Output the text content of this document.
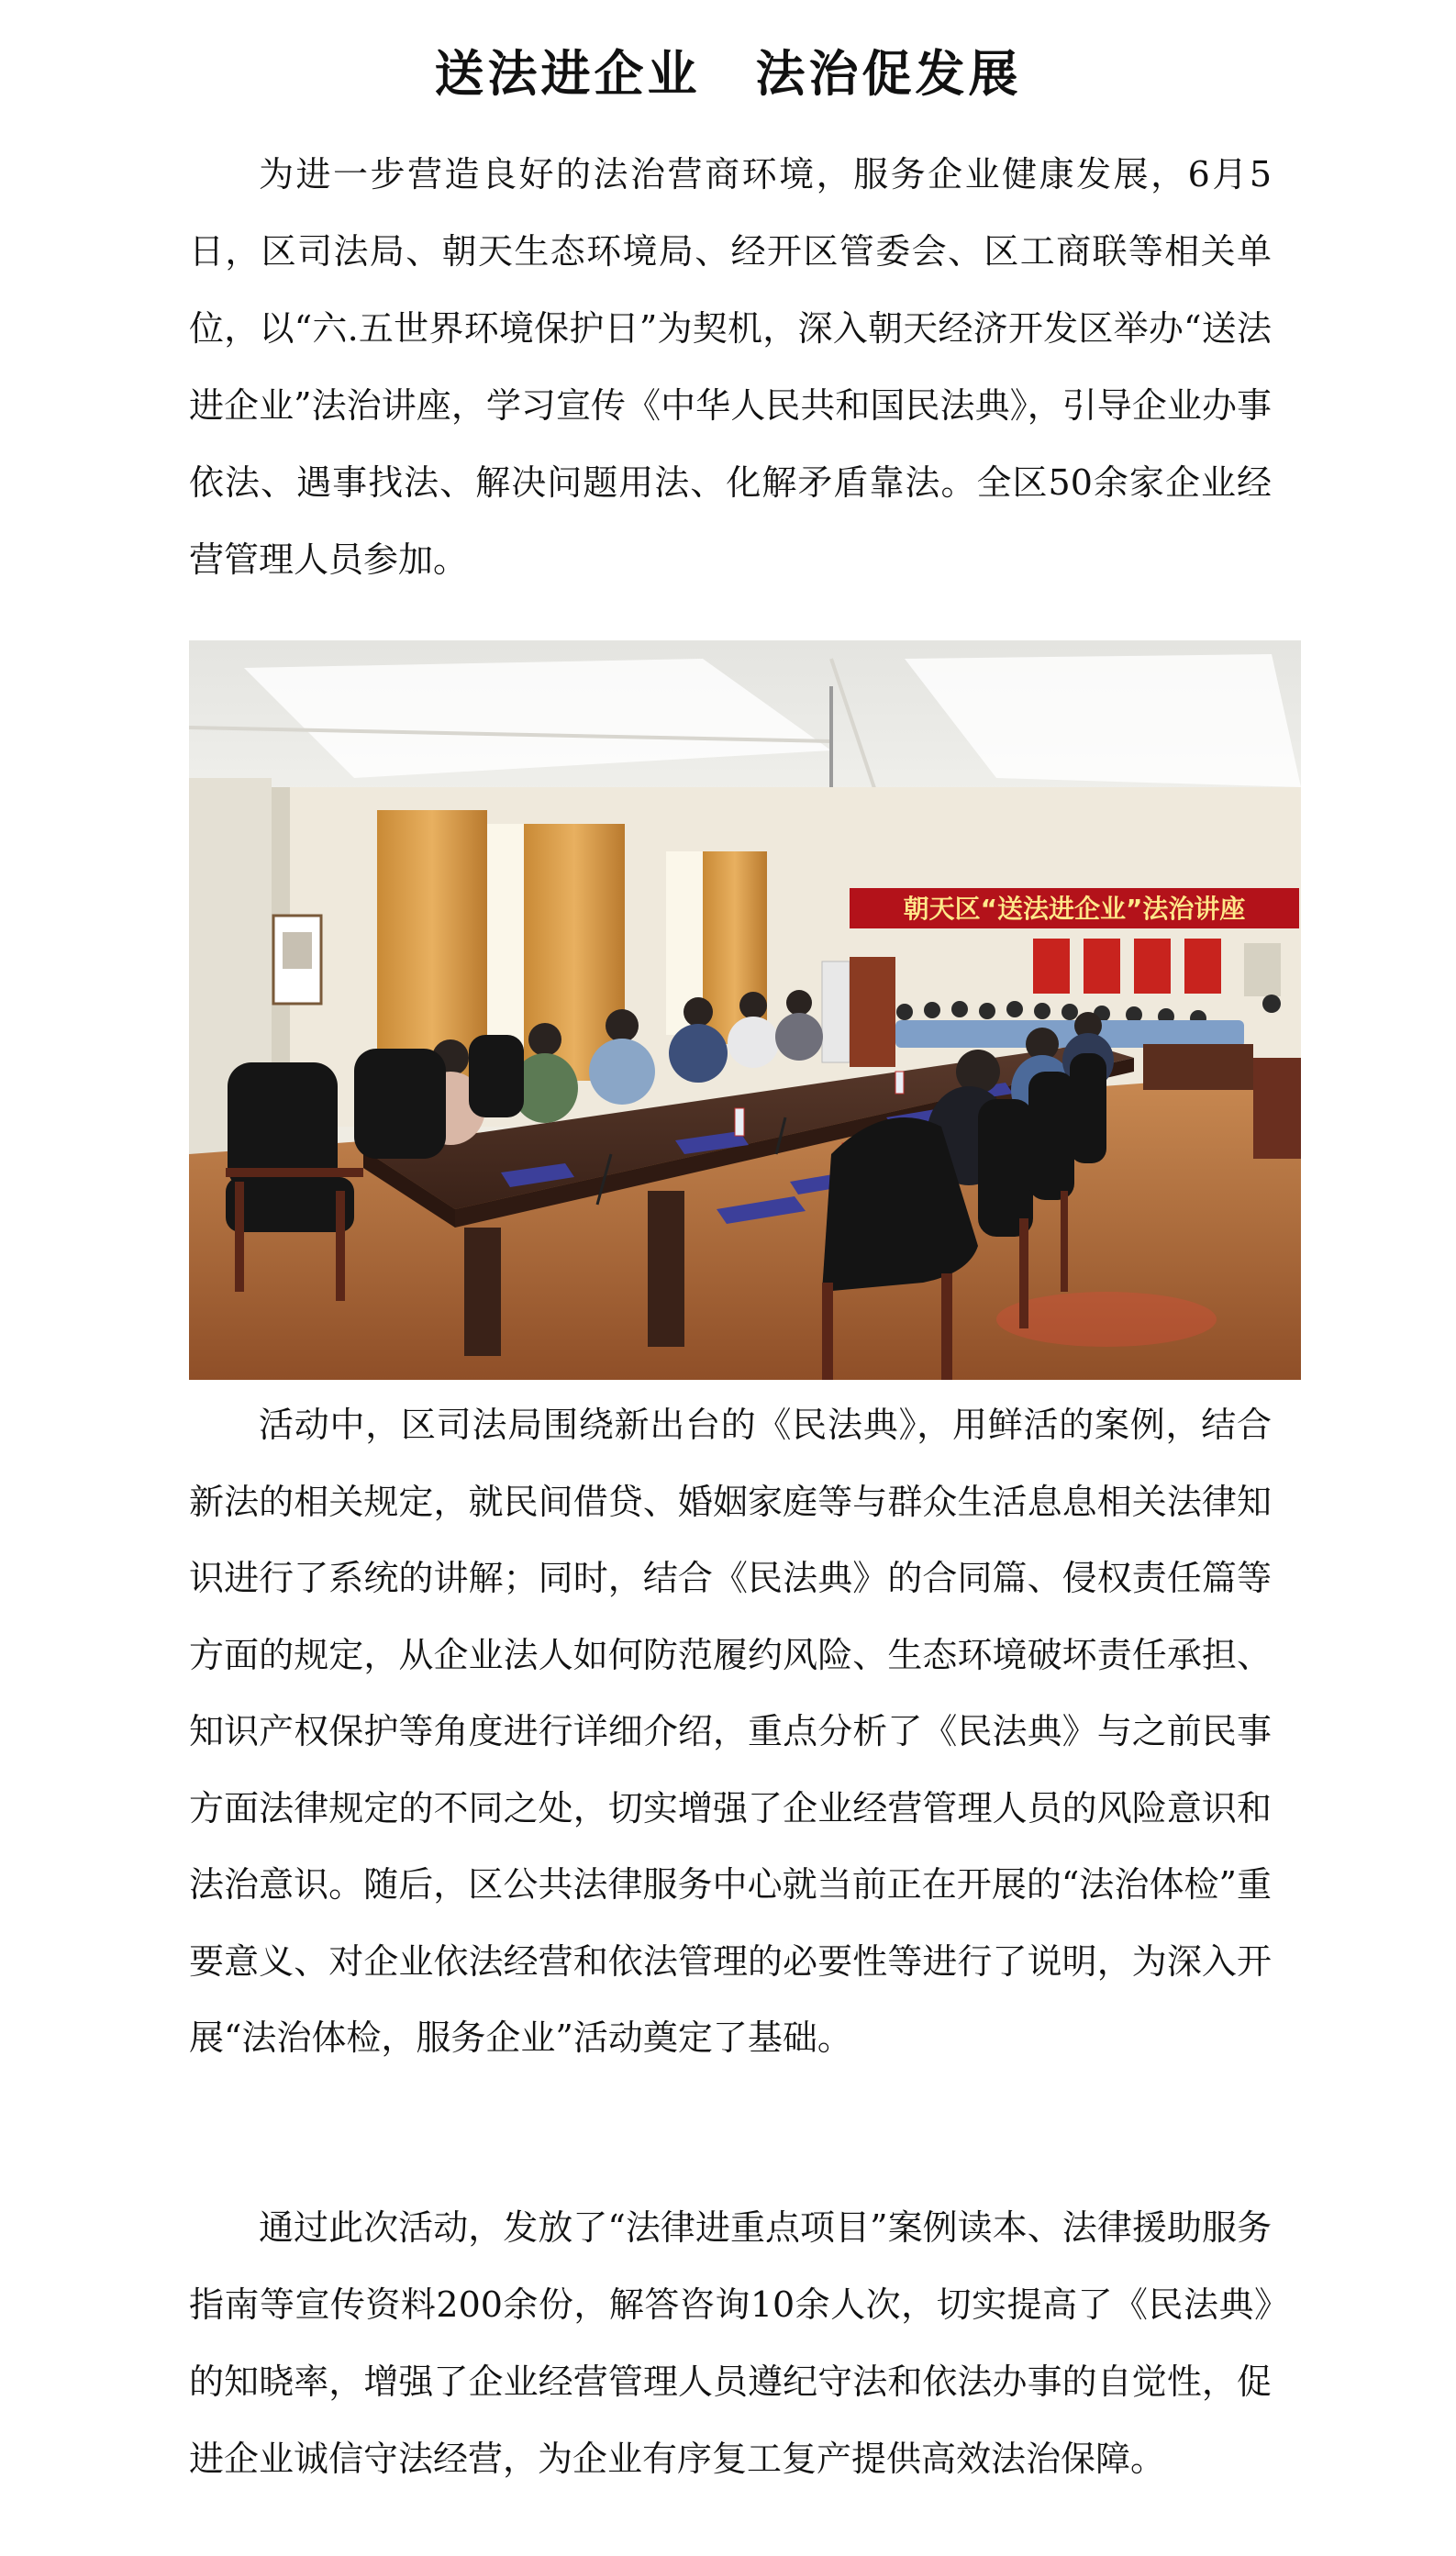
送法进企业 法治促发展

为进一步营造良好的法治营商环境，服务企业健康发展，6月5日，区司法局、朝天生态环境局、经开区管委会、区工商联等相关单位，以“六.五世界环境保护日”为契机，深入朝天经济开发区举办“送法进企业”法治讲座，学习宣传《中华人民共和国民法典》，引导企业办事依法、遇事找法、解决问题用法、化解矛盾靠法。全区50余家企业经营管理人员参加。

朝天区“送法进企业”法治讲座

活动中，区司法局围绕新出台的《民法典》，用鲜活的案例，结合新法的相关规定，就民间借贷、婚姻家庭等与群众生活息息相关法律知识进行了系统的讲解；同时，结合《民法典》的合同篇、侵权责任篇等方面的规定，从企业法人如何防范履约风险、生态环境破坏责任承担、知识产权保护等角度进行详细介绍，重点分析了《民法典》与之前民事方面法律规定的不同之处，切实增强了企业经营管理人员的风险意识和法治意识。随后，区公共法律服务中心就当前正在开展的“法治体检”重要意义、对企业依法经营和依法管理的必要性等进行了说明，为深入开展“法治体检，服务企业”活动奠定了基础。

通过此次活动，发放了“法律进重点项目”案例读本、法律援助服务指南等宣传资料200余份，解答咨询10余人次，切实提高了《民法典》的知晓率，增强了企业经营管理人员遵纪守法和依法办事的自觉性，促进企业诚信守法经营，为企业有序复工复产提供高效法治保障。
